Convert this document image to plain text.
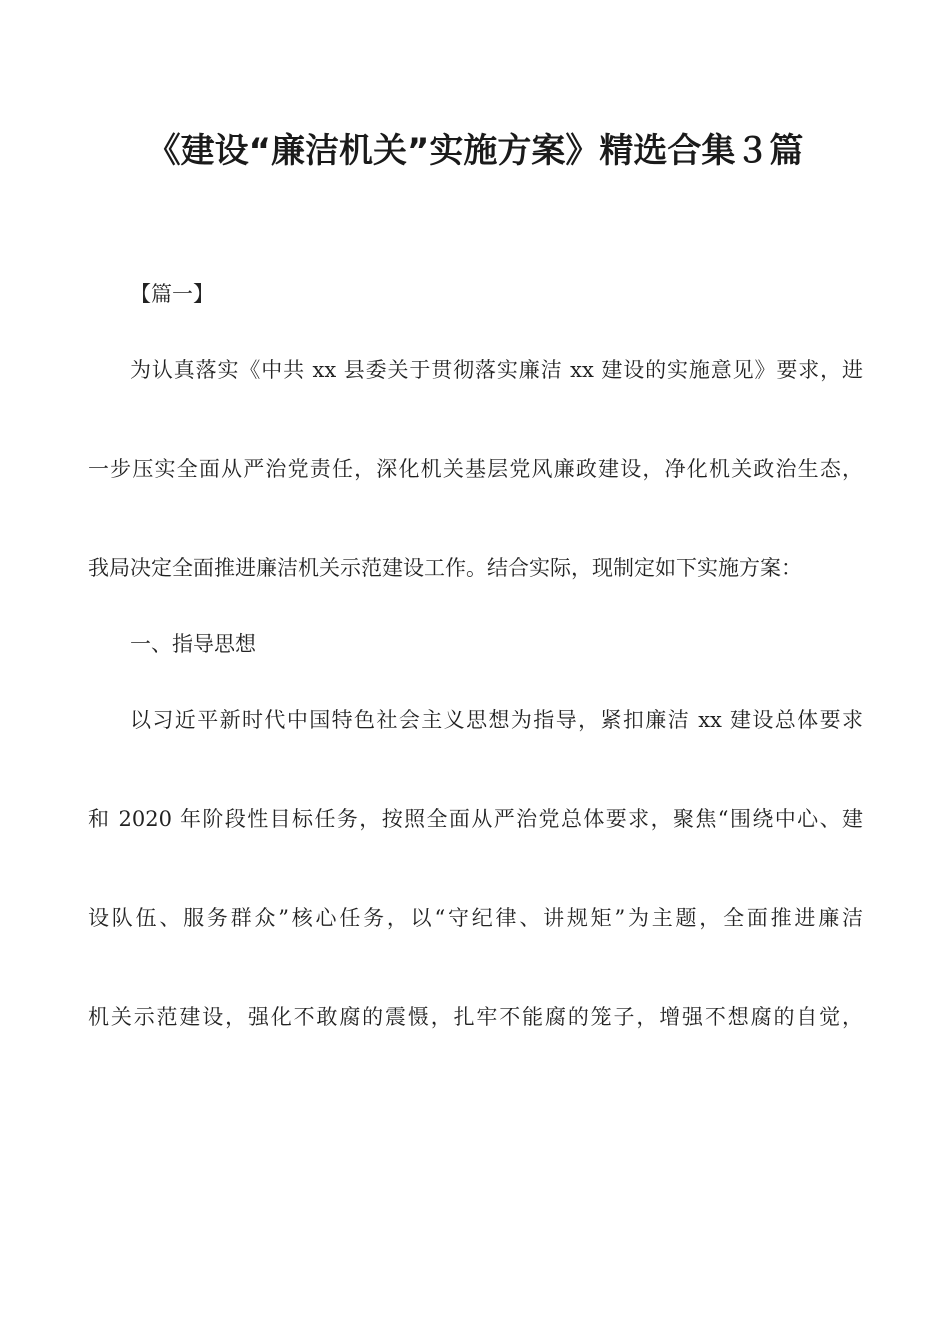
《建设“廉洁机关”实施方案》精选合集３篇
【篇一】
为认真落实《中共 xx 县委关于贯彻落实廉洁 xx 建设的实施意见》要求，进
一步压实全面从严治党责任，深化机关基层党风廉政建设，净化机关政治生态，
我局决定全面推进廉洁机关示范建设工作。结合实际，现制定如下实施方案：
一、指导思想
以习近平新时代中国特色社会主义思想为指导，紧扣廉洁 xx 建设总体要求
和 2020 年阶段性目标任务，按照全面从严治党总体要求，聚焦“围绕中心、建
设队伍、服务群众”核心任务，以“守纪律、讲规矩”为主题，全面推进廉洁
机关示范建设，强化不敢腐的震慑，扎牢不能腐的笼子，增强不想腐的自觉，
